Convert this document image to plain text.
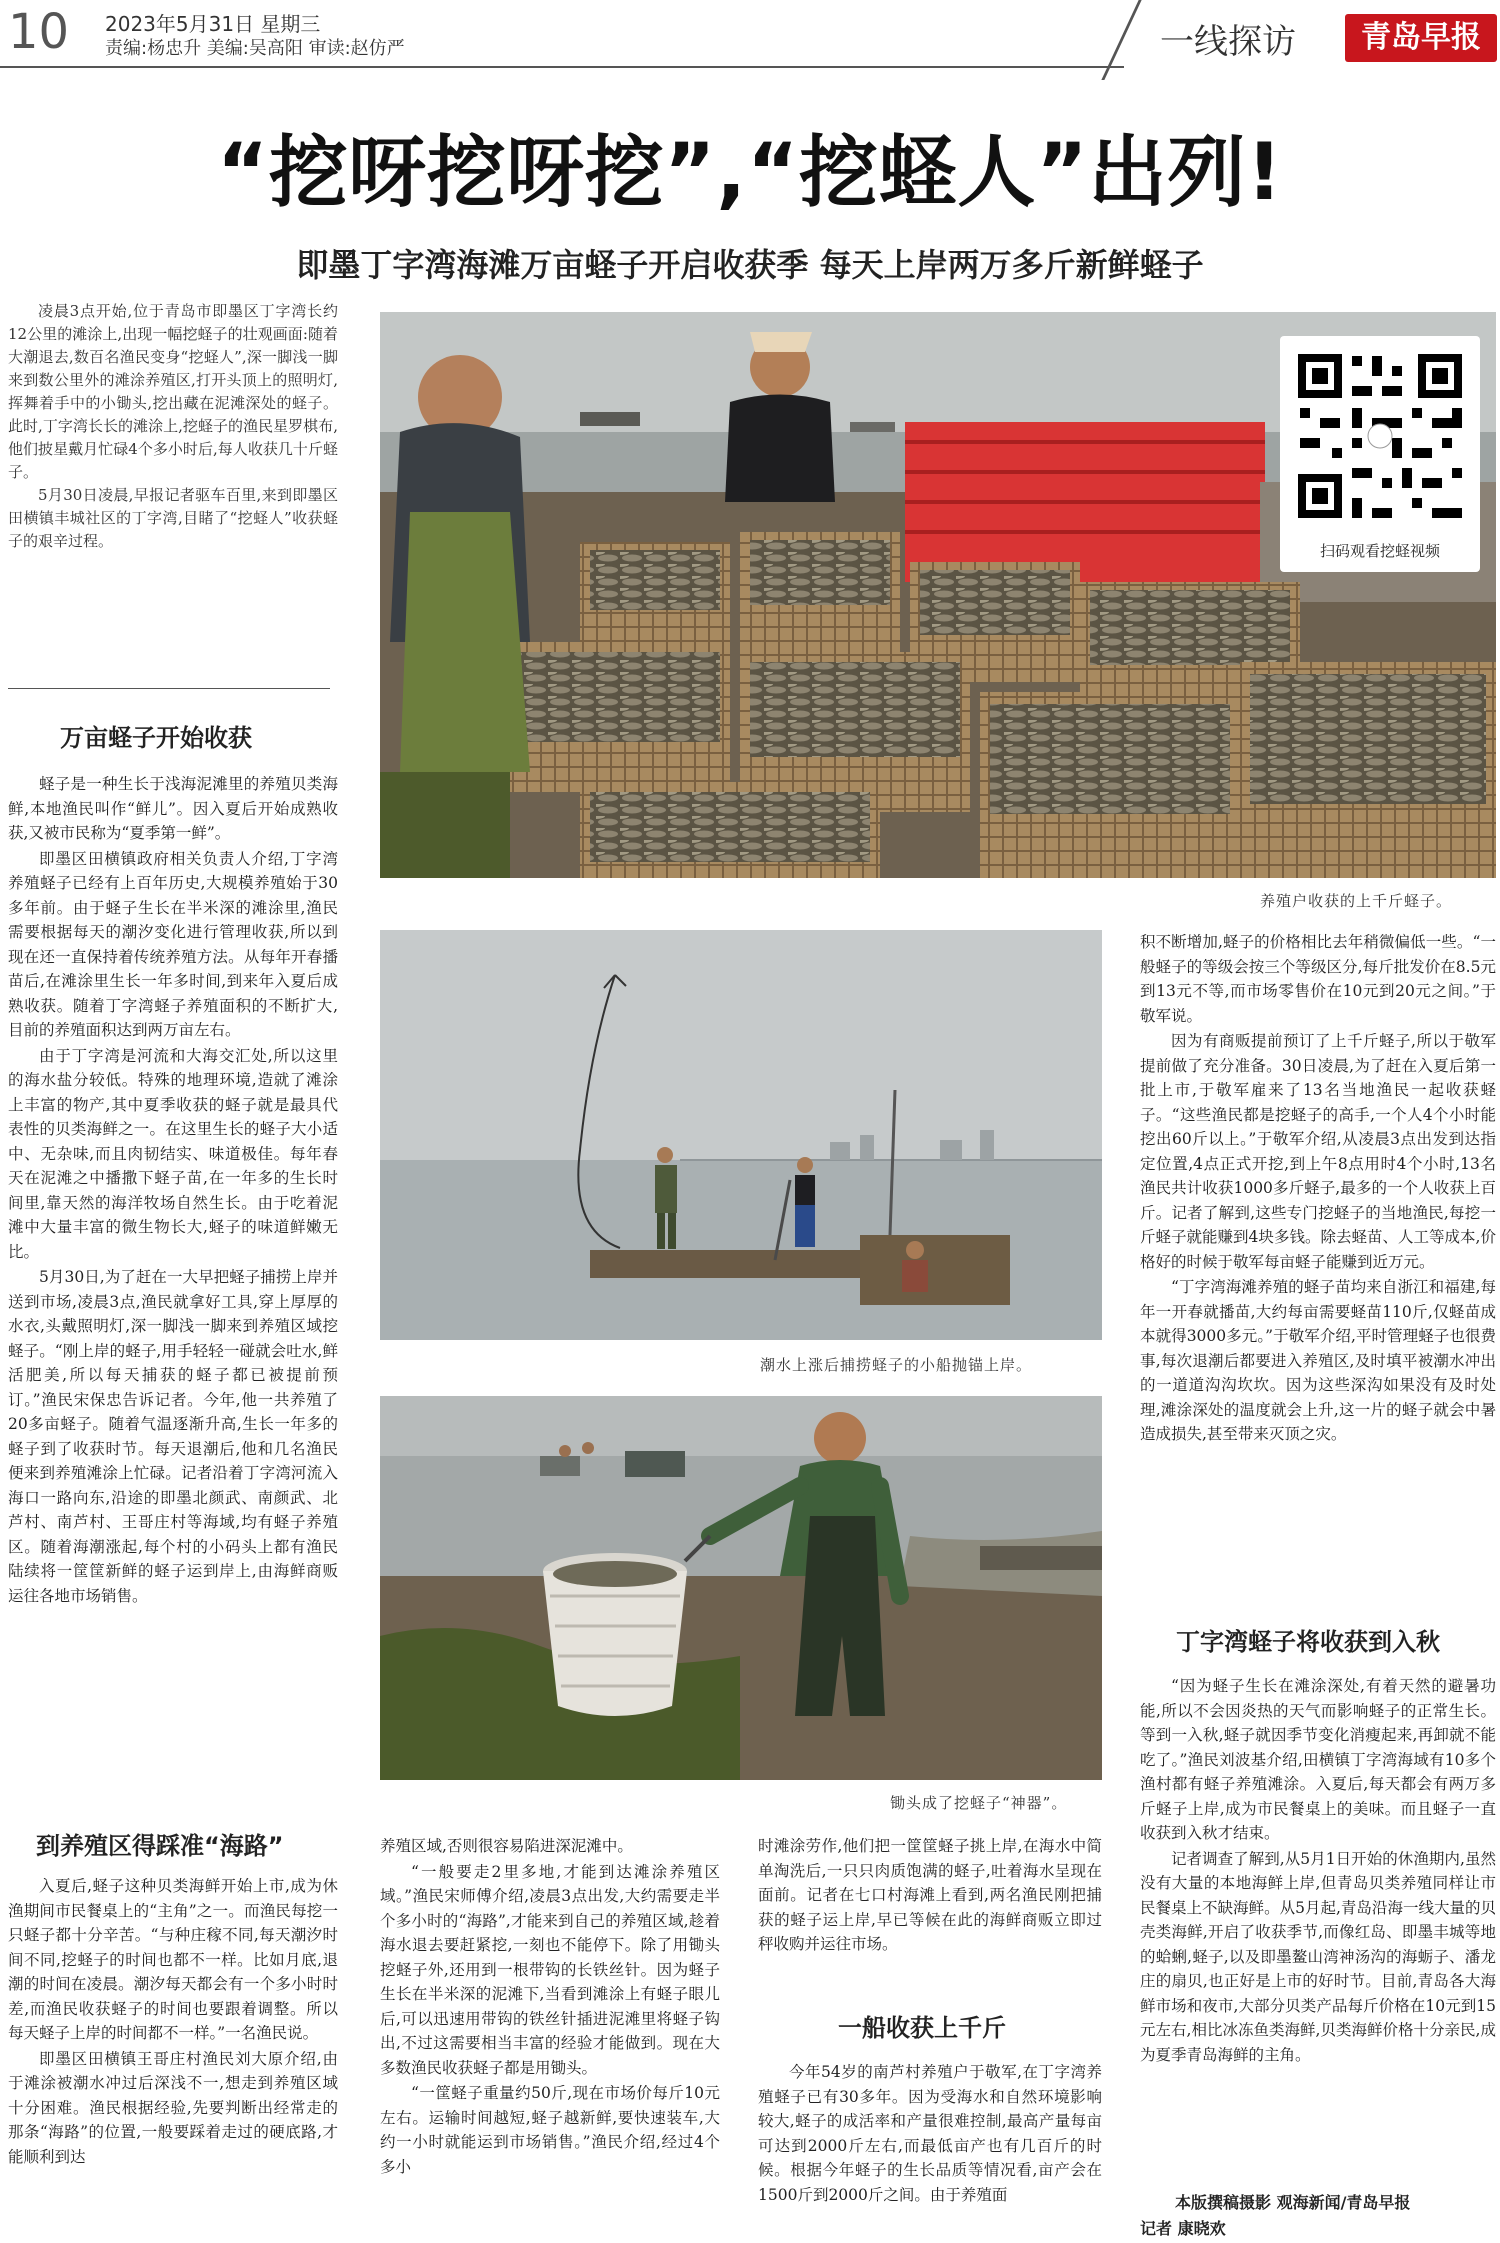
10 2023年5月31日 星期三
责编:杨忠升 美编:吴高阳 审读:赵仿严	一线探访	青岛早报
“挖呀挖呀挖”,“挖蛏人”出列!
即墨丁字湾海滩万亩蛏子开启收获季 每天上岸两万多斤新鲜蛏子

凌晨3点开始,位于青岛市即墨区丁字湾长约12公里的滩涂上,出现一幅挖蛏子的壮观画面:随着大潮退去,数百名渔民变身“挖蛏人”,深一脚浅一脚来到数公里外的滩涂养殖区,打开头顶上的照明灯,挥舞着手中的小锄头,挖出藏在泥滩深处的蛏子。此时,丁字湾长长的滩涂上,挖蛏子的渔民星罗棋布,他们披星戴月忙碌4个多小时后,每人收获几十斤蛏子。

5月30日凌晨,早报记者驱车百里,来到即墨区田横镇丰城社区的丁字湾,目睹了“挖蛏人”收获蛏子的艰辛过程。

万亩蛏子开始收获

蛏子是一种生长于浅海泥滩里的养殖贝类海鲜,本地渔民叫作“鲜儿”。因入夏后开始成熟收获,又被市民称为“夏季第一鲜”。

即墨区田横镇政府相关负责人介绍,丁字湾养殖蛏子已经有上百年历史,大规模养殖始于30多年前。由于蛏子生长在半米深的滩涂里,渔民需要根据每天的潮汐变化进行管理收获,所以到现在还一直保持着传统养殖方法。从每年开春播苗后,在滩涂里生长一年多时间,到来年入夏后成熟收获。随着丁字湾蛏子养殖面积的不断扩大,目前的养殖面积达到两万亩左右。

由于丁字湾是河流和大海交汇处,所以这里的海水盐分较低。特殊的地理环境,造就了滩涂上丰富的物产,其中夏季收获的蛏子就是最具代表性的贝类海鲜之一。在这里生长的蛏子大小适中、无杂味,而且肉韧结实、味道极佳。每年春天在泥滩之中播撒下蛏子苗,在一年多的生长时间里,靠天然的海洋牧场自然生长。由于吃着泥滩中大量丰富的微生物长大,蛏子的味道鲜嫩无比。

5月30日,为了赶在一大早把蛏子捕捞上岸并送到市场,凌晨3点,渔民就拿好工具,穿上厚厚的水衣,头戴照明灯,深一脚浅一脚来到养殖区域挖蛏子。“刚上岸的蛏子,用手轻轻一碰就会吐水,鲜活肥美,所以每天捕获的蛏子都已被提前预订。”渔民宋保忠告诉记者。今年,他一共养殖了20多亩蛏子。随着气温逐渐升高,生长一年多的蛏子到了收获时节。每天退潮后,他和几名渔民便来到养殖滩涂上忙碌。记者沿着丁字湾河流入海口一路向东,沿途的即墨北颜武、南颜武、北芦村、南芦村、王哥庄村等海域,均有蛏子养殖区。随着海潮涨起,每个村的小码头上都有渔民陆续将一筐筐新鲜的蛏子运到岸上,由海鲜商贩运往各地市场销售。

到养殖区得踩准“海路”

入夏后,蛏子这种贝类海鲜开始上市,成为休渔期间市民餐桌上的“主角”之一。而渔民每挖一只蛏子都十分辛苦。“与种庄稼不同,每天潮汐时间不同,挖蛏子的时间也都不一样。比如月底,退潮的时间在凌晨。潮汐每天都会有一个多小时时差,而渔民收获蛏子的时间也要跟着调整。所以每天蛏子上岸的时间都不一样。”一名渔民说。

即墨区田横镇王哥庄村渔民刘大原介绍,由于滩涂被潮水冲过后深浅不一,想走到养殖区域十分困难。渔民根据经验,先要判断出经常走的那条“海路”的位置,一般要踩着走过的硬底路,才能顺利到达

扫码观看挖蛏视频
养殖户收获的上千斤蛏子。
潮水上涨后捕捞蛏子的小船抛锚上岸。
锄头成了挖蛏子“神器”。

养殖区域,否则很容易陷进深泥滩中。

“一般要走2里多地,才能到达滩涂养殖区域。”渔民宋师傅介绍,凌晨3点出发,大约需要走半个多小时的“海路”,才能来到自己的养殖区域,趁着海水退去要赶紧挖,一刻也不能停下。除了用锄头挖蛏子外,还用到一根带钩的长铁丝针。因为蛏子生长在半米深的泥滩下,当看到滩涂上有蛏子眼儿后,可以迅速用带钩的铁丝针插进泥滩里将蛏子钩出,不过这需要相当丰富的经验才能做到。现在大多数渔民收获蛏子都是用锄头。

“一筐蛏子重量约50斤,现在市场价每斤10元左右。运输时间越短,蛏子越新鲜,要快速装车,大约一小时就能运到市场销售。”渔民介绍,经过4个多小

时滩涂劳作,他们把一筐筐蛏子挑上岸,在海水中简单淘洗后,一只只肉质饱满的蛏子,吐着海水呈现在面前。记者在七口村海滩上看到,两名渔民刚把捕获的蛏子运上岸,早已等候在此的海鲜商贩立即过秤收购并运往市场。

一船收获上千斤

今年54岁的南芦村养殖户于敬军,在丁字湾养殖蛏子已有30多年。因为受海水和自然环境影响较大,蛏子的成活率和产量很难控制,最高产量每亩可达到2000斤左右,而最低亩产也有几百斤的时候。根据今年蛏子的生长品质等情况看,亩产会在1500斤到2000斤之间。由于养殖面

积不断增加,蛏子的价格相比去年稍微偏低一些。“一般蛏子的等级会按三个等级区分,每斤批发价在8.5元到13元不等,而市场零售价在10元到20元之间。”于敬军说。

因为有商贩提前预订了上千斤蛏子,所以于敬军提前做了充分准备。30日凌晨,为了赶在入夏后第一批上市,于敬军雇来了13名当地渔民一起收获蛏子。“这些渔民都是挖蛏子的高手,一个人4个小时能挖出60斤以上。”于敬军介绍,从凌晨3点出发到达指定位置,4点正式开挖,到上午8点用时4个小时,13名渔民共计收获1000多斤蛏子,最多的一个人收获上百斤。记者了解到,这些专门挖蛏子的当地渔民,每挖一斤蛏子就能赚到4块多钱。除去蛏苗、人工等成本,价格好的时候于敬军每亩蛏子能赚到近万元。

“丁字湾海滩养殖的蛏子苗均来自浙江和福建,每年一开春就播苗,大约每亩需要蛏苗110斤,仅蛏苗成本就得3000多元。”于敬军介绍,平时管理蛏子也很费事,每次退潮后都要进入养殖区,及时填平被潮水冲出的一道道沟沟坎坎。因为这些深沟如果没有及时处理,滩涂深处的温度就会上升,这一片的蛏子就会中暑造成损失,甚至带来灭顶之灾。

丁字湾蛏子将收获到入秋

“因为蛏子生长在滩涂深处,有着天然的避暑功能,所以不会因炎热的天气而影响蛏子的正常生长。等到一入秋,蛏子就因季节变化消瘦起来,再卸就不能吃了。”渔民刘波基介绍,田横镇丁字湾海域有10多个渔村都有蛏子养殖滩涂。入夏后,每天都会有两万多斤蛏子上岸,成为市民餐桌上的美味。而且蛏子一直收获到入秋才结束。

记者调查了解到,从5月1日开始的休渔期内,虽然没有大量的本地海鲜上岸,但青岛贝类养殖同样让市民餐桌上不缺海鲜。从5月起,青岛沿海一线大量的贝壳类海鲜,开启了收获季节,而像红岛、即墨丰城等地的蛤蜊,蛏子,以及即墨鳌山湾神汤沟的海蛎子、潘龙庄的扇贝,也正好是上市的好时节。目前,青岛各大海鲜市场和夜市,大部分贝类产品每斤价格在10元到15元左右,相比冰冻鱼类海鲜,贝类海鲜价格十分亲民,成为夏季青岛海鲜的主角。

本版撰稿摄影 观海新闻/青岛早报
记者 康晓欢
